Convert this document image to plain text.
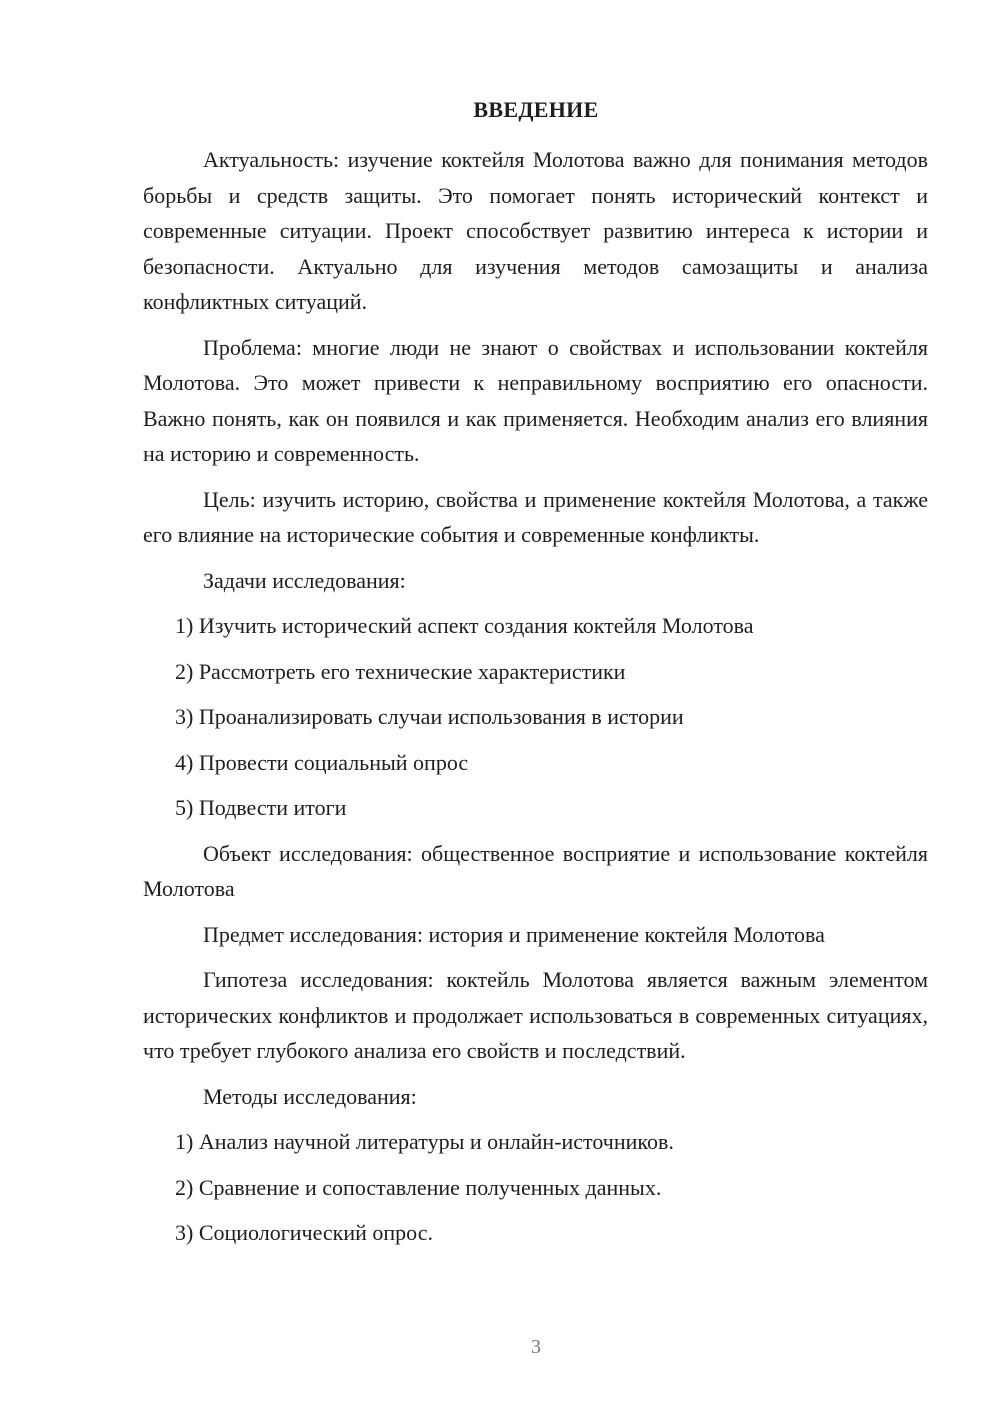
ВВЕДЕНИЕ

Актуальность: изучение коктейля Молотова важно для понимания методов борьбы и средств защиты. Это помогает понять исторический контекст и современные ситуации. Проект способствует развитию интереса к истории и безопасности. Актуально для изучения методов самозащиты и анализа конфликтных ситуаций.

Проблема: многие люди не знают о свойствах и использовании коктейля Молотова. Это может привести к неправильному восприятию его опасности. Важно понять, как он появился и как применяется. Необходим анализ его влияния на историю и современность.

Цель: изучить историю, свойства и применение коктейля Молотова, а также его влияние на исторические события и современные конфликты.

Задачи исследования:

1) Изучить исторический аспект создания коктейля Молотова
2) Рассмотреть его технические характеристики
3) Проанализировать случаи использования в истории
4) Провести социальный опрос
5) Подвести итоги

Объект исследования: общественное восприятие и использование коктейля Молотова

Предмет исследования: история и применение коктейля Молотова

Гипотеза исследования: коктейль Молотова является важным элементом исторических конфликтов и продолжает использоваться в современных ситуациях, что требует глубокого анализа его свойств и последствий.

Методы исследования:

1) Анализ научной литературы и онлайн-источников.
2) Сравнение и сопоставление полученных данных.
3) Социологический опрос.
3
